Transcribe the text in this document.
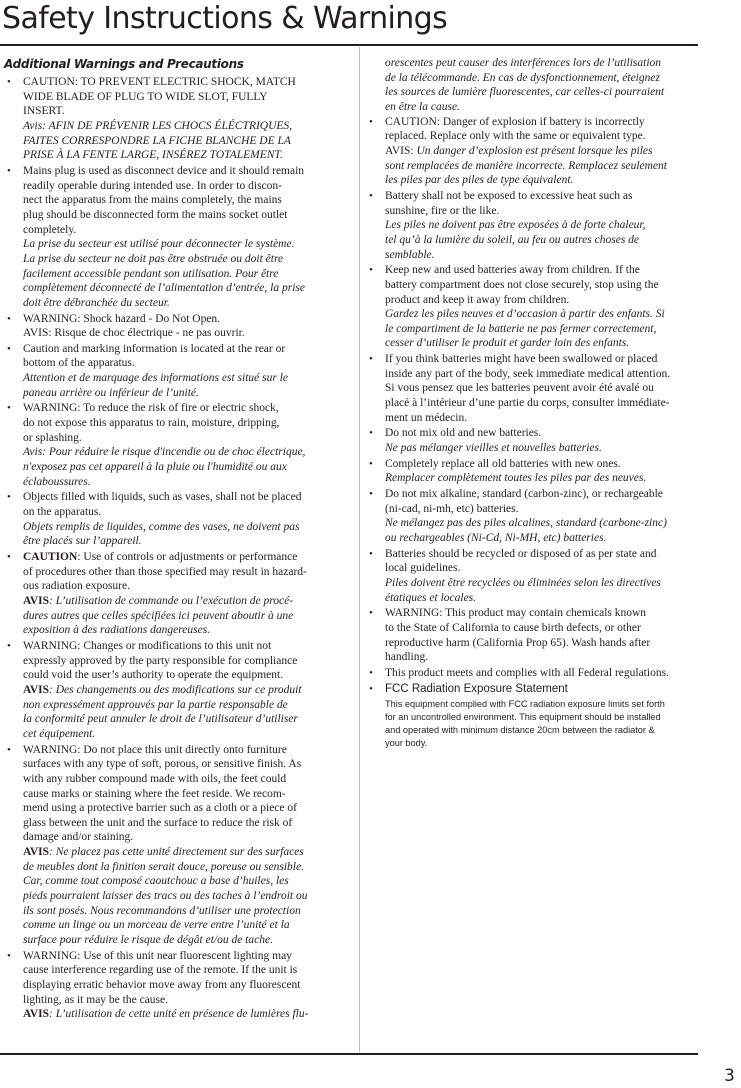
Safety Instructions & Warnings
Additional Warnings and Precautions

• CAUTION: TO PREVENT ELECTRIC SHOCK, MATCH
WIDE BLADE OF PLUG TO WIDE SLOT, FULLY
INSERT.

Avis: AFIN DE PRÉVENIR LES CHOCS ÉLÉCTRIQUES,
FAITES CORRESPONDRE LA FICHE BLANCHE DE LA
PRISE À LA FENTE LARGE, INSÉREZ TOTALEMENT.

• Mains plug is used as disconnect device and it should remain
readily operable during intended use. In order to discon-
nect the apparatus from the mains completely, the mains
plug should be disconnected form the mains socket outlet
completely.

La prise du secteur est utilisé pour déconnecter le système.
La prise du secteur ne doit pas être obstruée ou doit être
facilement accessible pendant son utilisation. Pour être
complètement déconnecté de l’alimentation d’entrée, la prise
doit être débranchée du secteur.

• WARNING: Shock hazard - Do Not Open.
AVIS: Risque de choc électrique - ne pas ouvrir.

• Caution and marking information is located at the rear or
bottom of the apparatus.

Attention et de marquage des informations est situé sur le
paneau arrière ou inférieur de l’unité.

• WARNING: To reduce the risk of fire or electric shock,
do not expose this apparatus to rain, moisture, dripping,
or splashing.

Avis: Pour réduire le risque d'incendie ou de choc électrique,
n'exposez pas cet appareil à la pluie ou l'humidité ou aux
éclaboussures.

• Objects filled with liquids, such as vases, shall not be placed
on the apparatus.

Objets remplis de liquides, comme des vases, ne doivent pas
être placés sur l’appareil.

• CAUTION: Use of controls or adjustments or performance
of procedures other than those specified may result in hazard-
ous radiation exposure.

AVIS: L’utilisation de commande ou l’exécution de procé-
dures autres que celles spécifiées ici peuvent aboutir à une
exposition à des radiations dangereuses.

• WARNING: Changes or modifications to this unit not
expressly approved by the party responsible for compliance
could void the user’s authority to operate the equipment.

AVIS: Des changements ou des modifications sur ce produit
non expressément approuvés par la partie responsable de
la conformité peut annuler le droit de l’utilisateur d’utiliser
cet équipement.

• WARNING: Do not place this unit directly onto furniture
surfaces with any type of soft, porous, or sensitive finish. As
with any rubber compound made with oils, the feet could
cause marks or staining where the feet reside. We recom-
mend using a protective barrier such as a cloth or a piece of
glass between the unit and the surface to reduce the risk of
damage and/or staining.

AVIS: Ne placez pas cette unité directement sur des surfaces
de meubles dont la finition serait douce, poreuse ou sensible.
Car, comme tout composé caoutchouc a base d’huiles, les
pieds pourraient laisser des tracs ou des taches à l’endroit ou
ils sont posés. Nous recommandons d’utiliser une protection
comme un linge ou un morceau de verre entre l’unité et la
surface pour réduire le risque de dégât et/ou de tache.

• WARNING: Use of this unit near fluorescent lighting may
cause interference regarding use of the remote. If the unit is
displaying erratic behavior move away from any fluorescent
lighting, as it may be the cause.

AVIS: L’utilisation de cette unité en présence de lumières flu-

orescentes peut causer des interférences lors de l’utilisation
de la télécommande. En cas de dysfonctionnement, éteignez
les sources de lumière fluorescentes, car celles-ci pourraient
en être la cause.

• CAUTION: Danger of explosion if battery is incorrectly
replaced. Replace only with the same or equivalent type.
AVIS: Un danger d’explosion est présent lorsque les piles
sont remplacées de manière incorrecte. Remplacez seulement
les piles par des piles de type équivalent.

• Battery shall not be exposed to excessive heat such as
sunshine, fire or the like.

Les piles ne doivent pas être exposées à de forte chaleur,
tel qu’à la lumière du soleil, au feu ou autres choses de
semblable.

• Keep new and used batteries away from children. If the
battery compartment does not close securely, stop using the
product and keep it away from children.

Gardez les piles neuves et d’occasion à partir des enfants. Si
le compartiment de la batterie ne pas fermer correctement,
cesser d’utiliser le produit et garder loin des enfants.

• If you think batteries might have been swallowed or placed
inside any part of the body, seek immediate medical attention.
Si vous pensez que les batteries peuvent avoir été avalé ou
placé à l’intérieur d’une partie du corps, consulter immédiate-
ment un médecin.

• Do not mix old and new batteries.

Ne pas mélanger vieilles et nouvelles batteries.

• Completely replace all old batteries with new ones.

Remplacer complètement toutes les piles par des neuves.

• Do not mix alkaline, standard (carbon-zinc), or rechargeable
(ni-cad, ni-mh, etc) batteries.

Ne mélangez pas des piles alcalines, standard (carbone-zinc)
ou rechargeables (Ni-Cd, Ni-MH, etc) batteries.

• Batteries should be recycled or disposed of as per state and
local guidelines.

Piles doivent être recyclées ou éliminées selon les directives
étatiques et locales.

• WARNING: This product may contain chemicals known
to the State of California to cause birth defects, or other
reproductive harm (California Prop 65). Wash hands after
handling.

• This product meets and complies with all Federal regulations.

• FCC Radiation Exposure Statement

This equipment complied with FCC radiation exposure limits set forth
for an uncontrolled environment. This equipment should be installed
and operated with minimum distance 20cm between the radiator &
your body.

3
